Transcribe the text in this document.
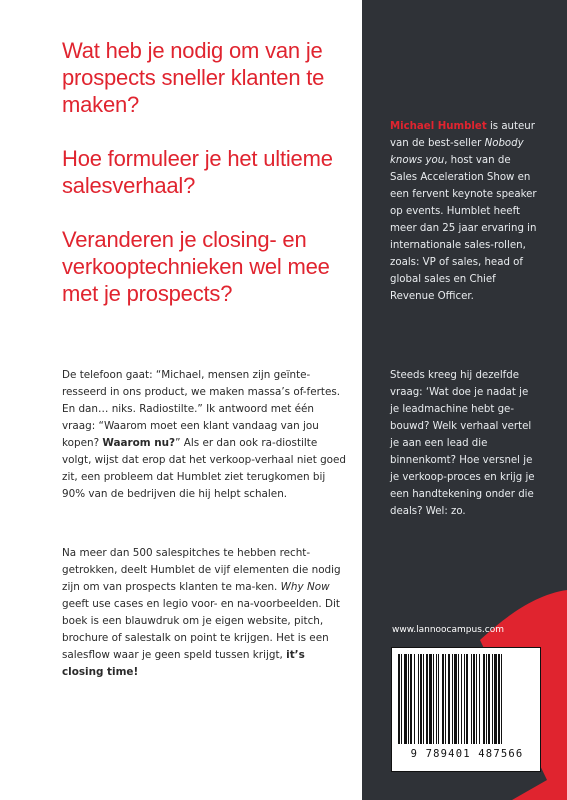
Wat heb je nodig om van je prospects sneller klanten te maken?
Hoe formuleer je het ultieme salesverhaal?
Veranderen je closing- en verkooptechnieken wel mee met je prospects?
De telefoon gaat: “Michael, mensen zijn geïnte-resseerd in ons product, we maken massa’s of-fertes. En dan… niks. Radiostilte.” Ik antwoord met één vraag: “Waarom moet een klant vandaag van jou kopen? Waarom nu?” Als er dan ook ra-diostilte volgt, wijst dat erop dat het verkoop-verhaal niet goed zit, een probleem dat Humblet ziet terugkomen bij 90% van de bedrijven die hij helpt schalen.
Na meer dan 500 salespitches te hebben recht-getrokken, deelt Humblet de vijf elementen die nodig zijn om van prospects klanten te ma-ken. Why Now geeft use cases en legio voor- en na-voorbeelden. Dit boek is een blauwdruk om je eigen website, pitch, brochure of salestalk on point te krijgen. Het is een salesflow waar je geen speld tussen krijgt, it’s closing time!
Michael Humblet is auteur van de best-seller Nobody knows you, host van de Sales Acceleration Show en een fervent keynote speaker op events. Humblet heeft meer dan 25 jaar ervaring in internationale sales-rollen, zoals: VP of sales, head of global sales en Chief Revenue Officer.
Steeds kreeg hij dezelfde vraag: ‘Wat doe je nadat je je leadmachine hebt ge-bouwd? Welk verhaal vertel je aan een lead die binnenkomt? Hoe versnel je je verkoop-proces en krijg je een handtekening onder die deals? Wel: zo.
www.lannoocampus.com
9 789401 487566
